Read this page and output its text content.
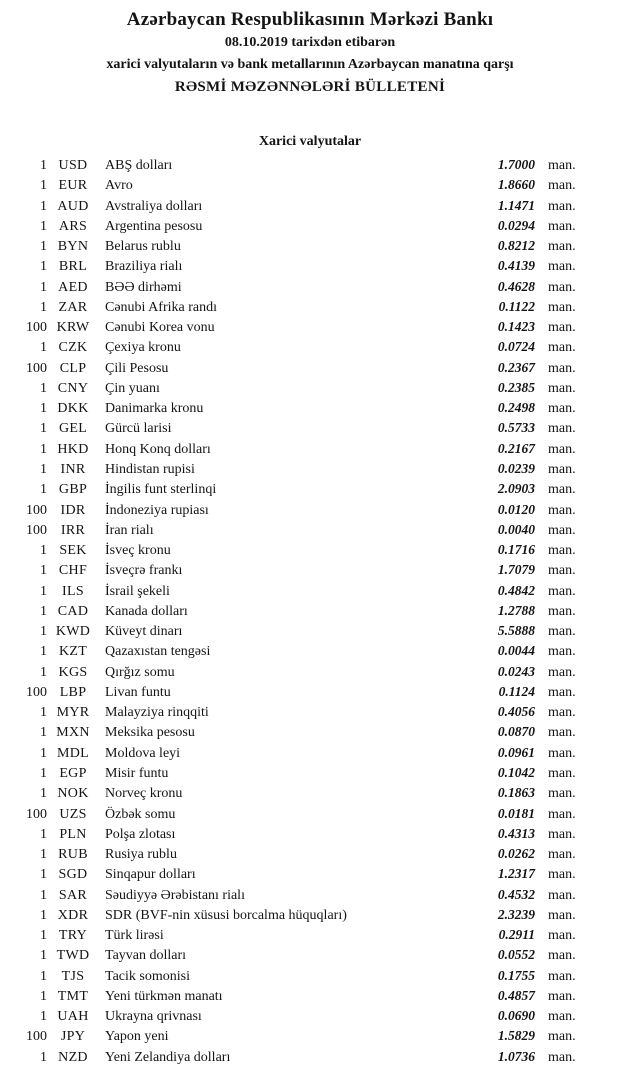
Azərbaycan Respublikasının Mərkəzi Bankı
08.10.2019 tarixdən etibarən
xarici valyutaların və bank metallarının Azərbaycan manatına qarşı
RƏSMİ MƏZƏNNƏLƏRİ BÜLLETENİ
Xarici valyutalar
1 USD	ABŞ dolları	1.7000 man.
1 EUR	Avro	1.8660 man.
1 AUD	Avstraliya dolları	1.1471 man.
1 ARS	Argentina pesosu	0.0294 man.
1 BYN	Belarus rublu	0.8212 man.
1 BRL	Braziliya rialı	0.4139 man.
1 AED	BƏƏ dirhəmi	0.4628 man.
1 ZAR	Cənubi Afrika randı	0.1122 man.
100 KRW	Cənubi Korea vonu	0.1423 man.
1 CZK	Çexiya kronu	0.0724 man.
100 CLP	Çili Pesosu	0.2367 man.
1 CNY	Çin yuanı	0.2385 man.
1 DKK	Danimarka kronu	0.2498 man.
1 GEL	Gürcü larisi	0.5733 man.
1 HKD	Honq Konq dolları	0.2167 man.
1 INR	Hindistan rupisi	0.0239 man.
1 GBP	İngilis funt sterlinqi	2.0903 man.
100 IDR	İndoneziya rupiası	0.0120 man.
100 IRR	İran rialı	0.0040 man.
1 SEK	İsveç kronu	0.1716 man.
1 CHF	İsveçrə frankı	1.7079 man.
1	ILS	İsrail şekeli	0.4842 man.
1 CAD	Kanada dolları	1.2788 man.
1 KWD	Küveyt dinarı	5.5888 man.
1 KZT	Qazaxıstan tengəsi	0.0044 man.
1 KGS	Qırğız somu	0.0243 man.
100 LBP	Livan funtu	0.1124 man.
1 MYR	Malayziya rinqqiti	0.4056 man.
1 MXN	Meksika pesosu	0.0870 man.
1 MDL	Moldova leyi	0.0961 man.
1 EGP	Misir funtu	0.1042 man.
1 NOK	Norveç kronu	0.1863 man.
100 UZS	Özbək somu	0.0181 man.
1 PLN	Polşa zlotası	0.4313 man.
1 RUB	Rusiya rublu	0.0262 man.
1 SGD	Sinqapur dolları	1.2317 man.
1 SAR	Səudiyyə Ərəbistanı rialı	0.4532 man.
1 XDR	SDR (BVF-nin xüsusi borcalma hüquqları)	2.3239 man.
1 TRY	Türk lirəsi	0.2911 man.
1 TWD	Tayvan dolları	0.0552 man.
1	TJS	Tacik somonisi	0.1755 man.
1 TMT	Yeni türkmən manatı	0.4857 man.
1 UAH	Ukrayna qrivnası	0.0690 man.
100 JPY	Yapon yeni	1.5829 man.
1 NZD	Yeni Zelandiya dolları	1.0736 man.
